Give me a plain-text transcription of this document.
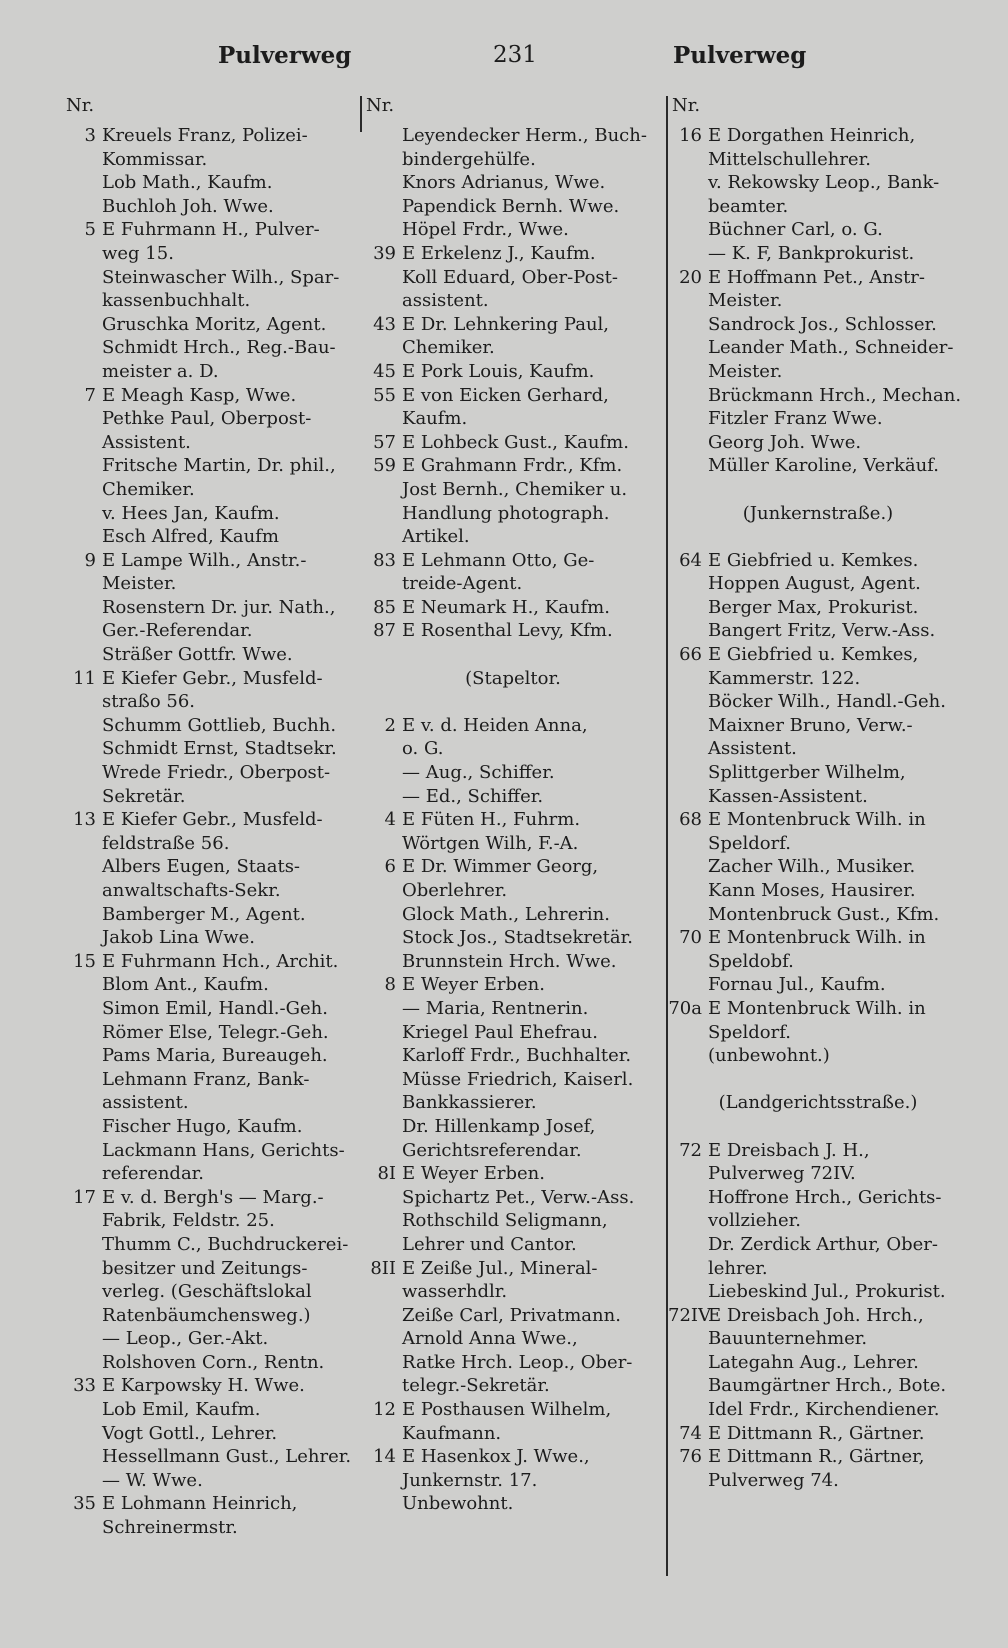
Pulverweg	231	Pulverweg
Nr.
3 Kreuels Franz, Polizei-
Kommissar.
Lob Math., Kaufm.
Buchloh Joh. Wwe.
5 E Fuhrmann H., Pulver-
weg 15.
Steinwascher Wilh., Spar-
kassenbuchhalt.
Gruschka Moritz, Agent.
Schmidt Hrch., Reg.-Bau-
meister a. D.
7 E Meagh Kasp, Wwe.
Pethke Paul, Oberpost-
Assistent.
Fritsche Martin, Dr. phil.,
Chemiker.
v. Hees Jan, Kaufm.
Esch Alfred, Kaufm
9 E Lampe Wilh., Anstr.-
Meister.
Rosenstern Dr. jur. Nath.,
Ger.-Referendar.
Sträßer Gottfr. Wwe.
11 E Kiefer Gebr., Musfeld-
straßo 56.
Schumm Gottlieb, Buchh.
Schmidt Ernst, Stadtsekr.
Wrede Friedr., Oberpost-
Sekretär.
13 E Kiefer Gebr., Musfeld-
feldstraße 56.
Albers Eugen, Staats-
anwaltschafts-Sekr.
Bamberger M., Agent.
Jakob Lina Wwe.
15 E Fuhrmann Hch., Archit.
Blom Ant., Kaufm.
Simon Emil, Handl.-Geh.
Römer Else, Telegr.-Geh.
Pams Maria, Bureaugeh.
Lehmann Franz, Bank-
assistent.
Fischer Hugo, Kaufm.
Lackmann Hans, Gerichts-
referendar.
17 E v. d. Bergh's — Marg.-
Fabrik, Feldstr. 25.
Thumm C., Buchdruckerei-
besitzer und Zeitungs-
verleg. (Geschäftslokal
Ratenbäumchensweg.)
— Leop., Ger.-Akt.
Rolshoven Corn., Rentn.
33 E Karpowsky H. Wwe.
Lob Emil, Kaufm.
Vogt Gottl., Lehrer.
Hessellmann Gust., Lehrer.
— W. Wwe.
35 E Lohmann Heinrich,
Schreinermstr.
Nr.
Leyendecker Herm., Buch-
bindergehülfe.
Knors Adrianus, Wwe.
Papendick Bernh. Wwe.
Höpel Frdr., Wwe.
39 E Erkelenz J., Kaufm.
Koll Eduard, Ober-Post-
assistent.
43 E Dr. Lehnkering Paul,
Chemiker.
45 E Pork Louis, Kaufm.
55 E von Eicken Gerhard,
Kaufm.
57 E Lohbeck Gust., Kaufm.
59 E Grahmann Frdr., Kfm.
Jost Bernh., Chemiker u.
Handlung photograph.
Artikel.
83 E Lehmann Otto, Ge-
treide-Agent.
85 E Neumark H., Kaufm.
87 E Rosenthal Levy, Kfm.
(Stapeltor.
2 E v. d. Heiden Anna,
o. G.
— Aug., Schiffer.
— Ed., Schiffer.
4 E Füten H., Fuhrm.
Wörtgen Wilh, F.-A.
6 E Dr. Wimmer Georg,
Oberlehrer.
Glock Math., Lehrerin.
Stock Jos., Stadtsekretär.
Brunnstein Hrch. Wwe.
8 E Weyer Erben.
— Maria, Rentnerin.
Kriegel Paul Ehefrau.
Karloff Frdr., Buchhalter.
Müsse Friedrich, Kaiserl.
Bankkassierer.
Dr. Hillenkamp Josef,
Gerichtsreferendar.
8I E Weyer Erben.
Spichartz Pet., Verw.-Ass.
Rothschild Seligmann,
Lehrer und Cantor.
8II E Zeiße Jul., Mineral-
wasserhdlr.
Zeiße Carl, Privatmann.
Arnold Anna Wwe.,
Ratke Hrch. Leop., Ober-
telegr.-Sekretär.
12 E Posthausen Wilhelm,
Kaufmann.
14 E Hasenkox J. Wwe.,
Junkernstr. 17.
Unbewohnt.
Nr.
16 E Dorgathen Heinrich,
Mittelschullehrer.
v. Rekowsky Leop., Bank-
beamter.
Büchner Carl, o. G.
— K. F, Bankprokurist.
20 E Hoffmann Pet., Anstr-
Meister.
Sandrock Jos., Schlosser.
Leander Math., Schneider-
Meister.
Brückmann Hrch., Mechan.
Fitzler Franz Wwe.
Georg Joh. Wwe.
Müller Karoline, Verkäuf.
(Junkernstraße.)
64 E Giebfried u. Kemkes.
Hoppen August, Agent.
Berger Max, Prokurist.
Bangert Fritz, Verw.-Ass.
66 E Giebfried u. Kemkes,
Kammerstr. 122.
Böcker Wilh., Handl.-Geh.
Maixner Bruno, Verw.-
Assistent.
Splittgerber Wilhelm,
Kassen-Assistent.
68 E Montenbruck Wilh. in
Speldorf.
Zacher Wilh., Musiker.
Kann Moses, Hausirer.
Montenbruck Gust., Kfm.
70 E Montenbruck Wilh. in
Speldobf.
Fornau Jul., Kaufm.
70a E Montenbruck Wilh. in
Speldorf.
(unbewohnt.)
(Landgerichtsstraße.)
72 E Dreisbach J. H.,
Pulverweg 72IV.
Hoffrone Hrch., Gerichts-
vollzieher.
Dr. Zerdick Arthur, Ober-
lehrer.
Liebeskind Jul., Prokurist.
72IVE Dreisbach Joh. Hrch.,
Bauunternehmer.
Lategahn Aug., Lehrer.
Baumgärtner Hrch., Bote.
Idel Frdr., Kirchendiener.
74 E Dittmann R., Gärtner.
76 E Dittmann R., Gärtner,
Pulverweg 74.
